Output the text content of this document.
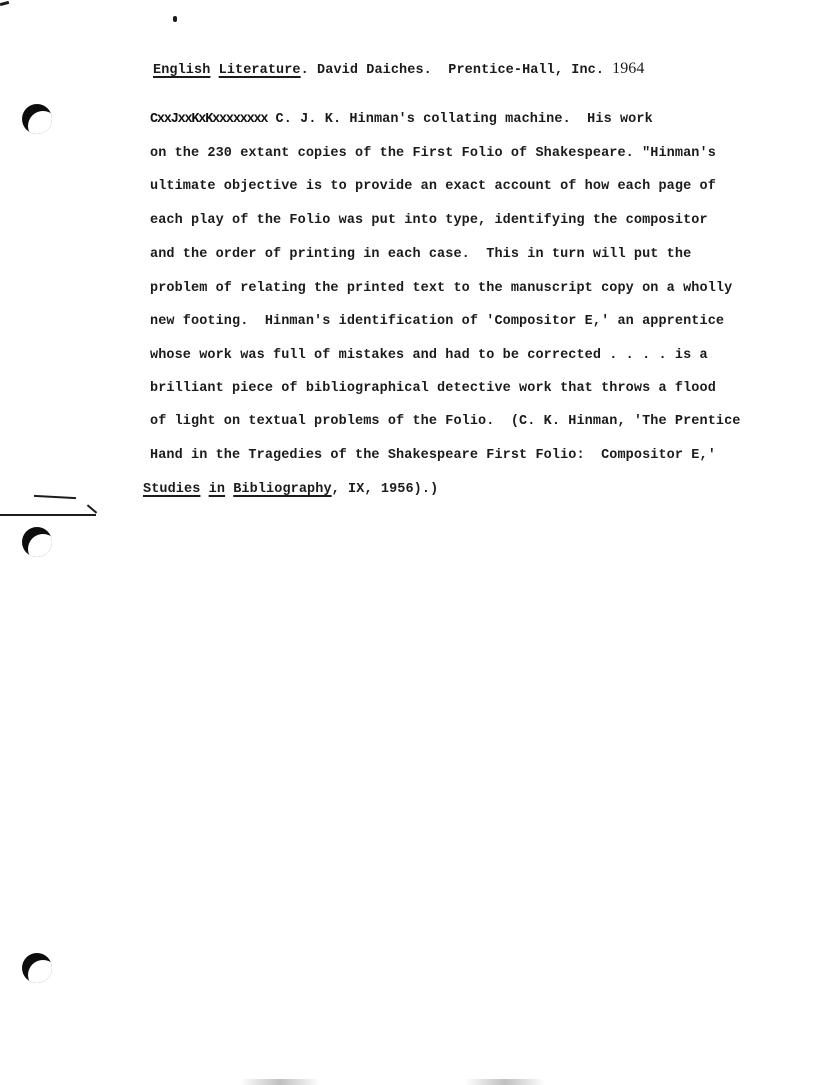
English Literature. David Daiches.  Prentice-Hall, Inc. 1964
CxxJxxKxKxxxxxxxx C. J. K. Hinman's collating machine.  His work
on the 230 extant copies of the First Folio of Shakespeare. "Hinman's
ultimate objective is to provide an exact account of how each page of
each play of the Folio was put into type, identifying the compositor
and the order of printing in each case.  This in turn will put the
problem of relating the printed text to the manuscript copy on a wholly
new footing.  Hinman's identification of 'Compositor E,' an apprentice
whose work was full of mistakes and had to be corrected . . . . is a
brilliant piece of bibliographical detective work that throws a flood
of light on textual problems of the Folio.  (C. K. Hinman, 'The Prentice
Hand in the Tragedies of the Shakespeare First Folio:  Compositor E,'
Studies in Bibliography, IX, 1956).)
